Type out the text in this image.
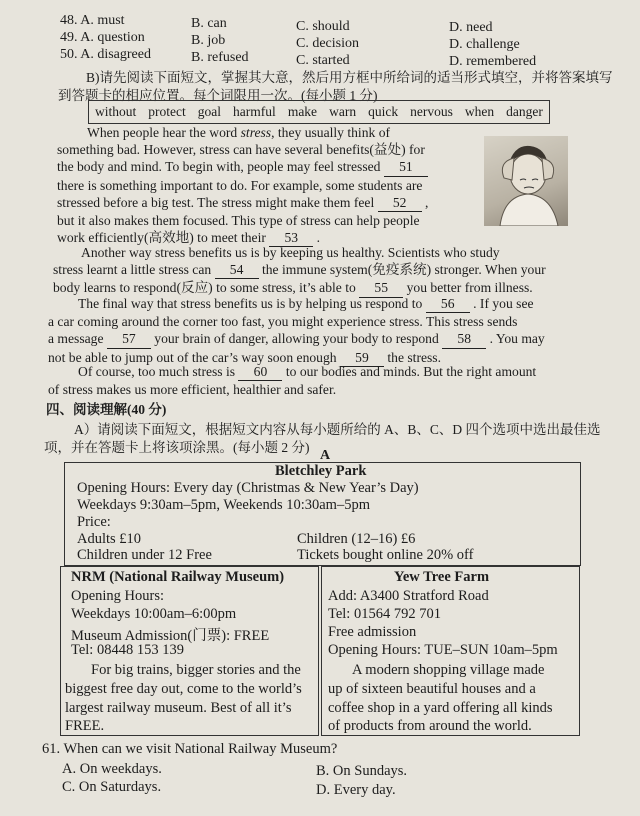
48. A. must	B. can	C. should	D. need
49. A. question	B. job	C. decision	D. challenge
50. A. disagreed	B. refused	C. started	D. remembered
B)请先阅读下面短文，掌握其大意，然后用方框中所给词的适当形式填空，并将答案填写
到答题卡的相应位置。每个词限用一次。(每小题 1 分)
without protect goal harmful make warn quick nervous when danger
When people hear the word stress, they usually think of
something bad. However, stress can have several benefits(益处) for
the body and mind. To begin with, people may feel stressed 51
there is something important to do. For example, some students are
stressed before a big test. The stress might make them feel 52 ,
but it also makes them focused. This type of stress can help people
work efficiently(高效地) to meet their 53 .
Another way stress benefits us is by keeping us healthy. Scientists who study
stress learnt a little stress can 54 the immune system(免疫系统) stronger. When your
body learns to respond(反应) to some stress, it’s able to 55 you better from illness.
The final way that stress benefits us is by helping us respond to 56 . If you see
a car coming around the corner too fast, you might experience stress. This stress sends
a message 57 your brain of danger, allowing your body to respond 58 . You may
not be able to jump out of the car’s way soon enough 59 the stress.
Of course, too much stress is 60 to our bodies and minds. But the right amount
of stress makes us more efficient, healthier and safer.
四、阅读理解(40 分)
A）请阅读下面短文，根据短文内容从每小题所给的 A、B、C、D 四个选项中选出最佳选
项，并在答题卡上将该项涂黑。(每小题 2 分)
A
Bletchley Park
Opening Hours: Every day (Christmas & New Year’s Day)
Weekdays 9:30am–5pm, Weekends 10:30am–5pm
Price:
Adults £10	Children (12–16) £6
Children under 12 Free	Tickets bought online 20% off
NRM (National Railway Museum)
Opening Hours:
Weekdays 10:00am–6:00pm
Museum Admission(门票): FREE
Tel: 08448 153 139
For big trains, bigger stories and the
biggest free day out, come to the world’s
largest railway museum. Best of all it’s
FREE.
Yew Tree Farm
Add: A3400 Stratford Road
Tel: 01564 792 701
Free admission
Opening Hours: TUE–SUN 10am–5pm
A modern shopping village made
up of sixteen beautiful houses and a
coffee shop in a yard offering all kinds
of products from around the world.
61. When can we visit National Railway Museum?
A. On weekdays.	B. On Sundays.
C. On Saturdays.	D. Every day.
